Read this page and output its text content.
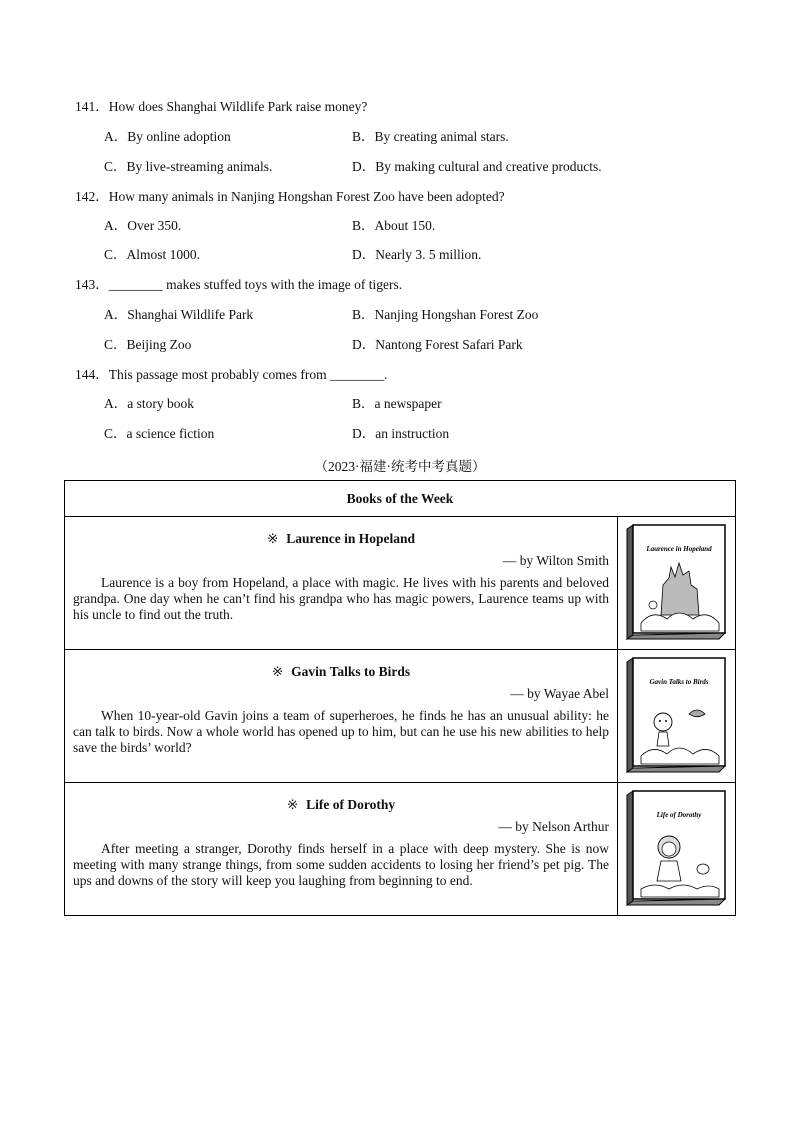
141．How does Shanghai Wildlife Park raise money?
A．By online adoption	B．By creating animal stars.
C．By live-streaming animals.	D．By making cultural and creative products.
142．How many animals in Nanjing Hongshan Forest Zoo have been adopted?
A．Over 350.	B．About 150.
C．Almost 1000.	D．Nearly 3. 5 million.
143．________ makes stuffed toys with the image of tigers.
A．Shanghai Wildlife Park	B．Nanjing Hongshan Forest Zoo
C．Beijing Zoo	D．Nantong Forest Safari Park
144．This passage most probably comes from ________.
A．a story book	B．a newspaper
C．a science fiction	D．an instruction
（2023·福建·统考中考真题）
Books of the Week	

※ Laurence in Hopeland
— by Wilton Smith
Laurence is a boy from Hopeland, a place with magic. He lives with his parents and beloved grandpa. One day when he can’t find his grandpa who has magic powers, Laurence teams up with his uncle to find out the truth.	Laurence in Hopeland

※ Gavin Talks to Birds
— by Wayae Abel
When 10-year-old Gavin joins a team of superheroes, he finds he has an unusual ability: he can talk to birds. Now a whole world has opened up to him, but can he use his new abilities to help save the birds’ world?	Gavin Talks to Birds

※ Life of Dorothy
— by Nelson Arthur
After meeting a stranger, Dorothy finds herself in a place with deep mystery. She is now meeting with many strange things, from some sudden accidents to losing her friend’s pet pig. The ups and downs of the story will keep you laughing from beginning to end.	Life of Dorothy
